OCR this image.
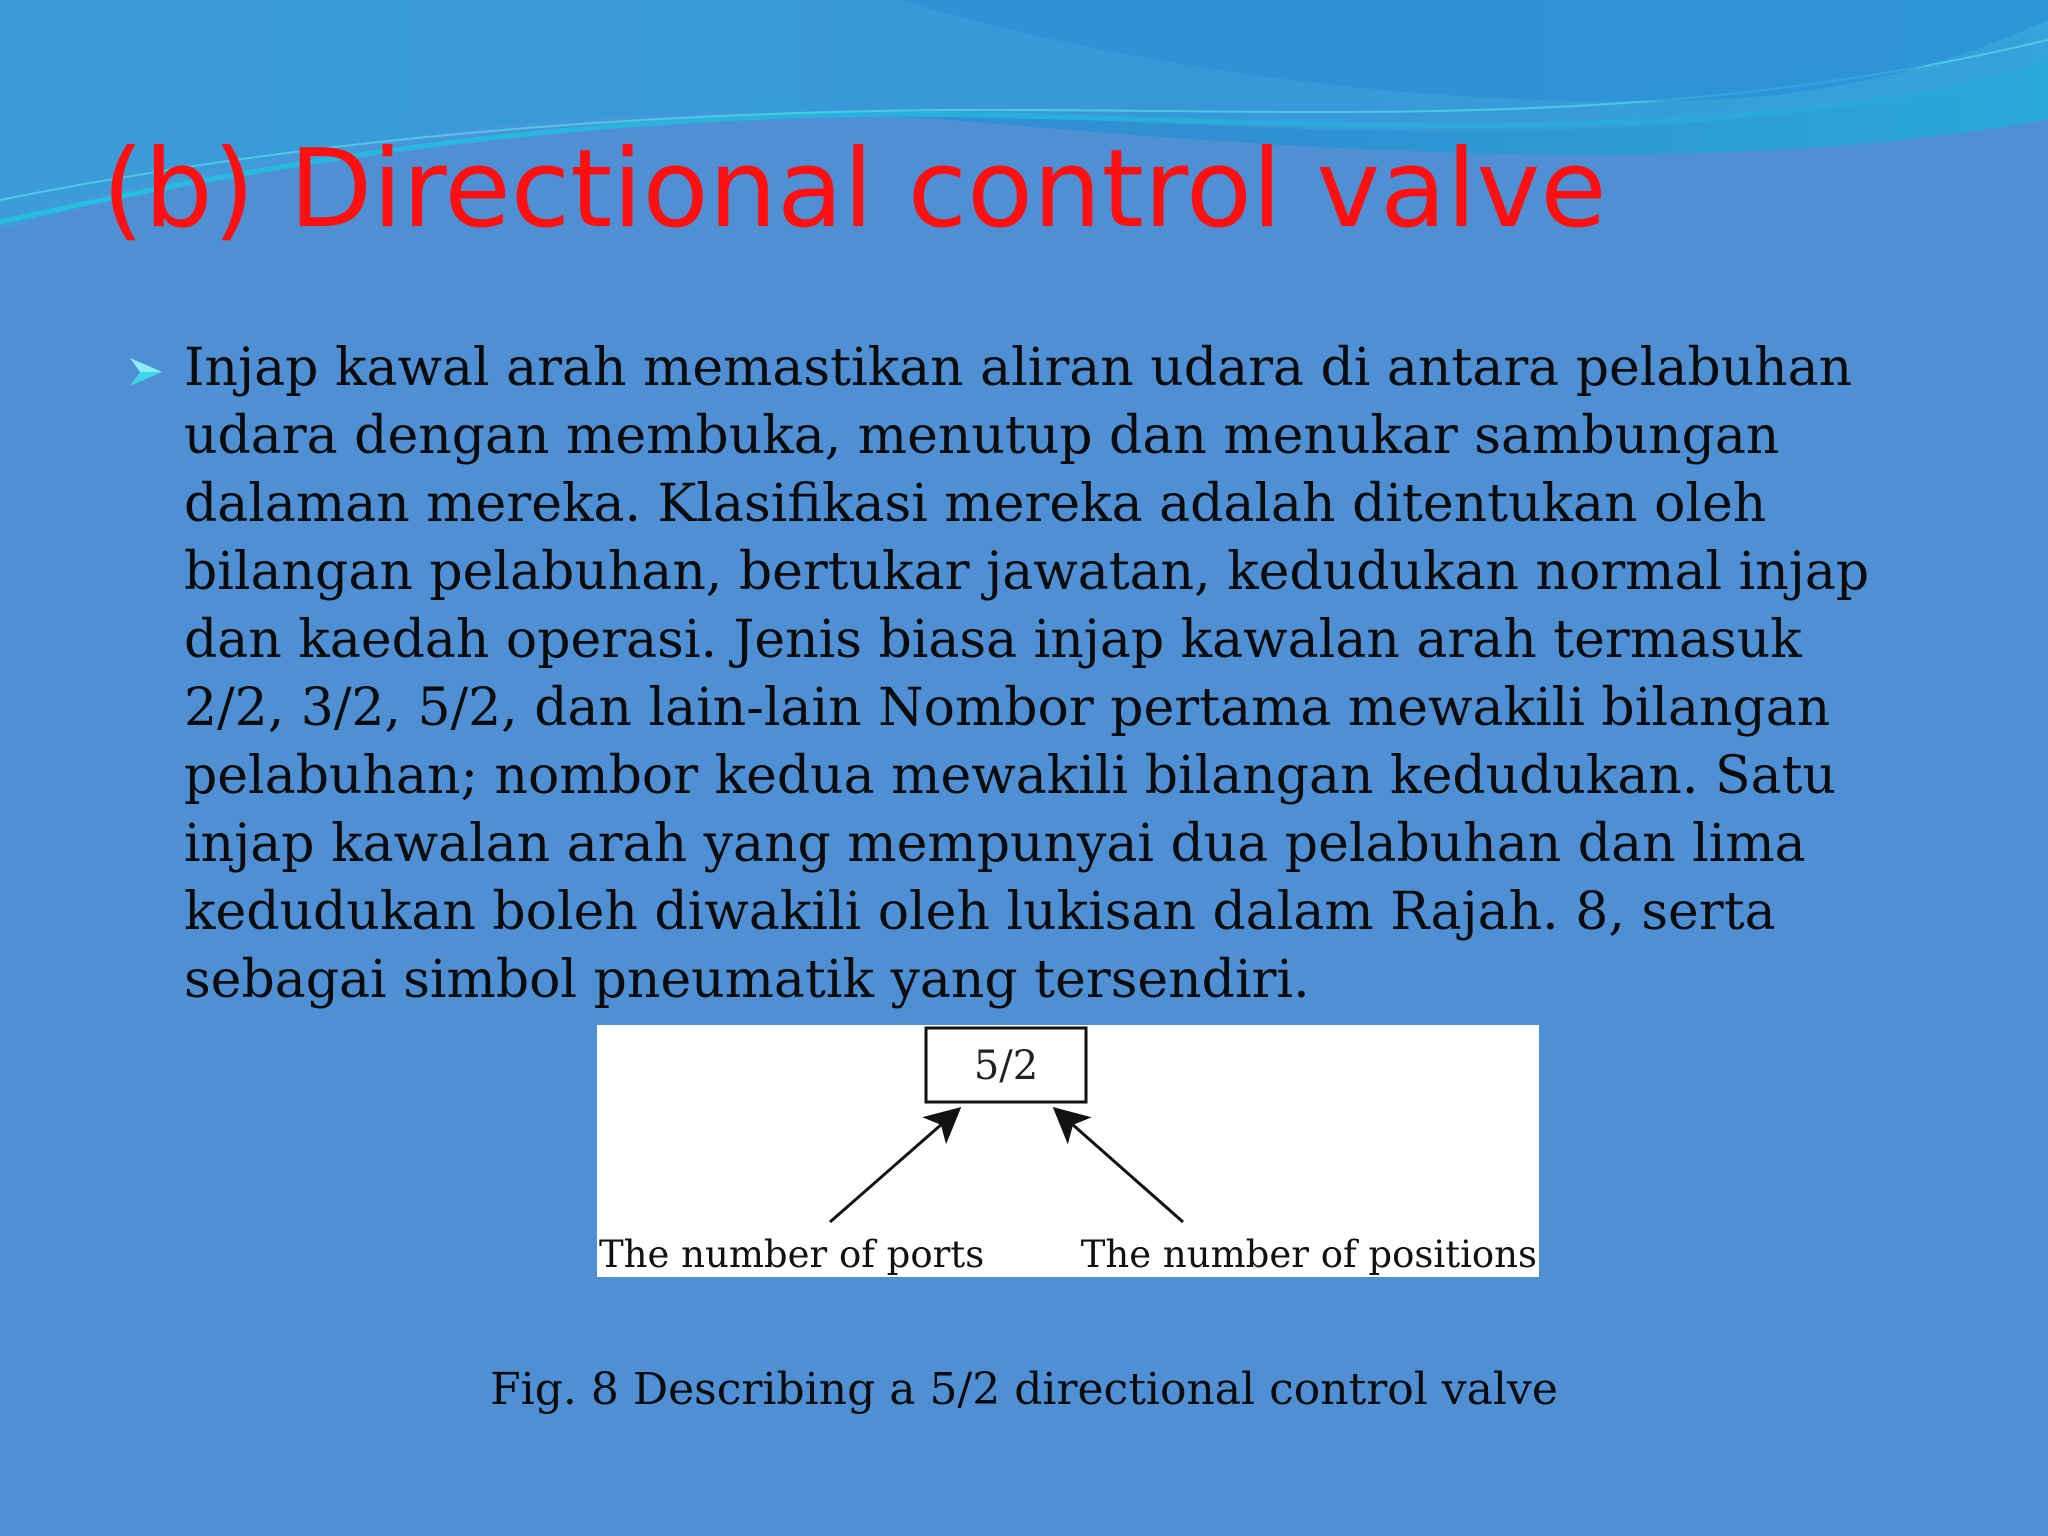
(b) Directional control valve

Injap kawal arah memastikan aliran udara di antara pelabuhan udara dengan membuka, menutup dan menukar sambungan dalaman mereka. Klasifikasi mereka adalah ditentukan oleh bilangan pelabuhan, bertukar jawatan, kedudukan normal injap dan kaedah operasi. Jenis biasa injap kawalan arah termasuk 2/2, 3/2, 5/2, dan lain-lain Nombor pertama mewakili bilangan pelabuhan; nombor kedua mewakili bilangan kedudukan. Satu injap kawalan arah yang mempunyai dua pelabuhan dan lima kedudukan boleh diwakili oleh lukisan dalam Rajah. 8, serta sebagai simbol pneumatik yang tersendiri.

5/2
The number of ports	The number of positions

Fig. 8 Describing a 5/2 directional control valve
